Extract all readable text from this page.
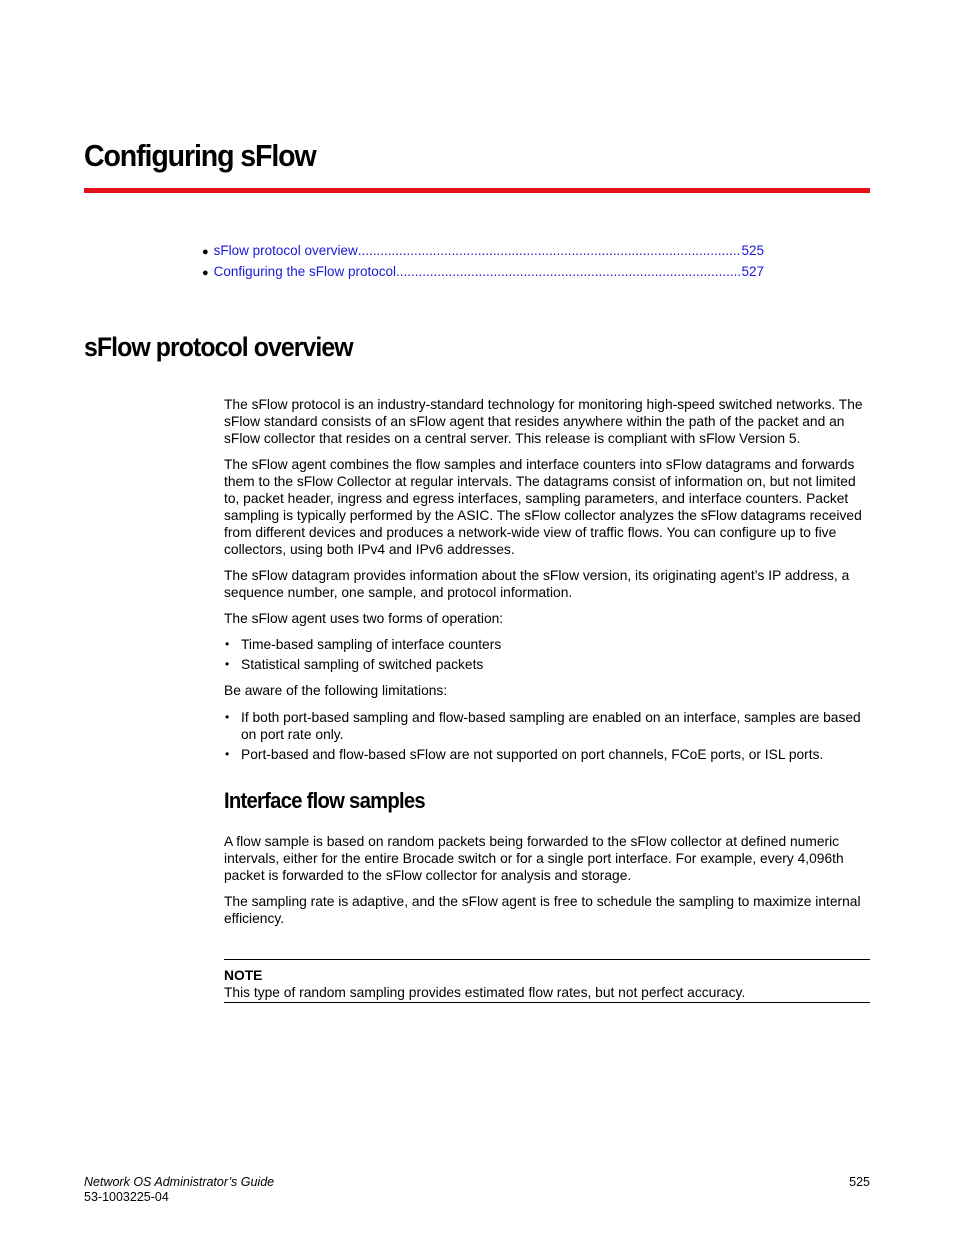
Configuring sFlow
● sFlow protocol overview .....	525
● Configuring the sFlow protocol .....	527
sFlow protocol overview

The sFlow protocol is an industry-standard technology for monitoring high-speed switched networks. The sFlow standard consists of an sFlow agent that resides anywhere within the path of the packet and an sFlow collector that resides on a central server. This release is compliant with sFlow Version 5.

The sFlow agent combines the flow samples and interface counters into sFlow datagrams and forwards them to the sFlow Collector at regular intervals. The datagrams consist of information on, but not limited to, packet header, ingress and egress interfaces, sampling parameters, and interface counters. Packet sampling is typically performed by the ASIC. The sFlow collector analyzes the sFlow datagrams received from different devices and produces a network-wide view of traffic flows. You can configure up to five collectors, using both IPv4 and IPv6 addresses.

The sFlow datagram provides information about the sFlow version, its originating agent’s IP address, a sequence number, one sample, and protocol information.

The sFlow agent uses two forms of operation:

• Time-based sampling of interface counters
• Statistical sampling of switched packets

Be aware of the following limitations:

• If both port-based sampling and flow-based sampling are enabled on an interface, samples are based on port rate only.
• Port-based and flow-based sFlow are not supported on port channels, FCoE ports, or ISL ports.
Interface flow samples

A flow sample is based on random packets being forwarded to the sFlow collector at defined numeric intervals, either for the entire Brocade switch or for a single port interface. For example, every 4,096th packet is forwarded to the sFlow collector for analysis and storage.

The sampling rate is adaptive, and the sFlow agent is free to schedule the sampling to maximize internal efficiency.

NOTE
This type of random sampling provides estimated flow rates, but not perfect accuracy.
Network OS Administrator’s Guide
53-1003225-04
525
